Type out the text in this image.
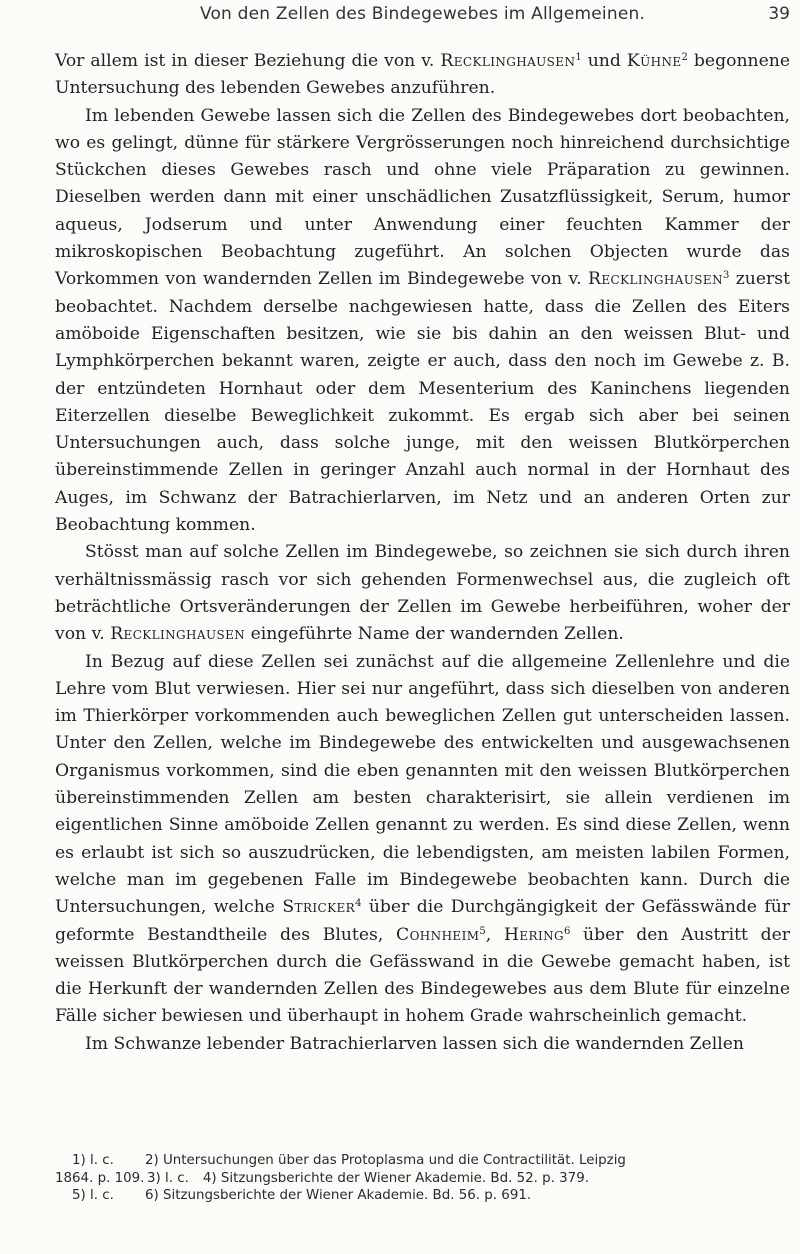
Von den Zellen des Bindegewebes im Allgemeinen.	39

Vor allem ist in dieser Beziehung die von v. Recklinghausen$^1$ und Kühne$^2$ begonnene Untersuchung des lebenden Gewebes anzuführen.

Im lebenden Gewebe lassen sich die Zellen des Bindegewebes dort beobachten, wo es gelingt, dünne für stärkere Vergrösserungen noch hinreichend durchsichtige Stückchen dieses Gewebes rasch und ohne viele Präparation zu gewinnen. Dieselben werden dann mit einer unschädlichen Zusatzflüssigkeit, Serum, humor aqueus, Jodserum und unter Anwendung einer feuchten Kammer der mikroskopischen Beobachtung zugeführt. An solchen Objecten wurde das Vorkommen von wandernden Zellen im Bindegewebe von v. Recklinghausen$^3$ zuerst beobachtet. Nachdem derselbe nachgewiesen hatte, dass die Zellen des Eiters amöboide Eigenschaften besitzen, wie sie bis dahin an den weissen Blut- und Lymphkörperchen bekannt waren, zeigte er auch, dass den noch im Gewebe z. B. der entzündeten Hornhaut oder dem Mesenterium des Kaninchens liegenden Eiterzellen dieselbe Beweglichkeit zukommt. Es ergab sich aber bei seinen Untersuchungen auch, dass solche junge, mit den weissen Blutkörperchen übereinstimmende Zellen in geringer Anzahl auch normal in der Hornhaut des Auges, im Schwanz der Batrachierlarven, im Netz und an anderen Orten zur Beobachtung kommen.

Stösst man auf solche Zellen im Bindegewebe, so zeichnen sie sich durch ihren verhältnissmässig rasch vor sich gehenden Formenwechsel aus, die zugleich oft beträchtliche Ortsveränderungen der Zellen im Gewebe herbeiführen, woher der von v. Recklinghausen eingeführte Name der wandernden Zellen.

In Bezug auf diese Zellen sei zunächst auf die allgemeine Zellenlehre und die Lehre vom Blut verwiesen. Hier sei nur angeführt, dass sich dieselben von anderen im Thierkörper vorkommenden auch beweglichen Zellen gut unterscheiden lassen. Unter den Zellen, welche im Bindegewebe des entwickelten und ausgewachsenen Organismus vorkommen, sind die eben genannten mit den weissen Blutkörperchen übereinstimmenden Zellen am besten charakterisirt, sie allein verdienen im eigentlichen Sinne amöboide Zellen genannt zu werden. Es sind diese Zellen, wenn es erlaubt ist sich so auszudrücken, die lebendigsten, am meisten labilen Formen, welche man im gegebenen Falle im Bindegewebe beobachten kann. Durch die Untersuchungen, welche Stricker$^4$ über die Durchgängigkeit der Gefässwände für geformte Bestandtheile des Blutes, Cohnheim$^5$, Hering$^6$ über den Austritt der weissen Blutkörperchen durch die Gefässwand in die Gewebe gemacht haben, ist die Herkunft der wandernden Zellen des Bindegewebes aus dem Blute für einzelne Fälle sicher bewiesen und überhaupt in hohem Grade wahrscheinlich gemacht.

Im Schwanze lebender Batrachierlarven lassen sich die wandernden Zellen

1) l. c.	2) Untersuchungen über das Protoplasma und die Contractilität. Leipzig
1864. p. 109. 3) l. c. 4) Sitzungsberichte der Wiener Akademie. Bd. 52. p. 379.
5) l. c.	6) Sitzungsberichte der Wiener Akademie. Bd. 56. p. 691.
